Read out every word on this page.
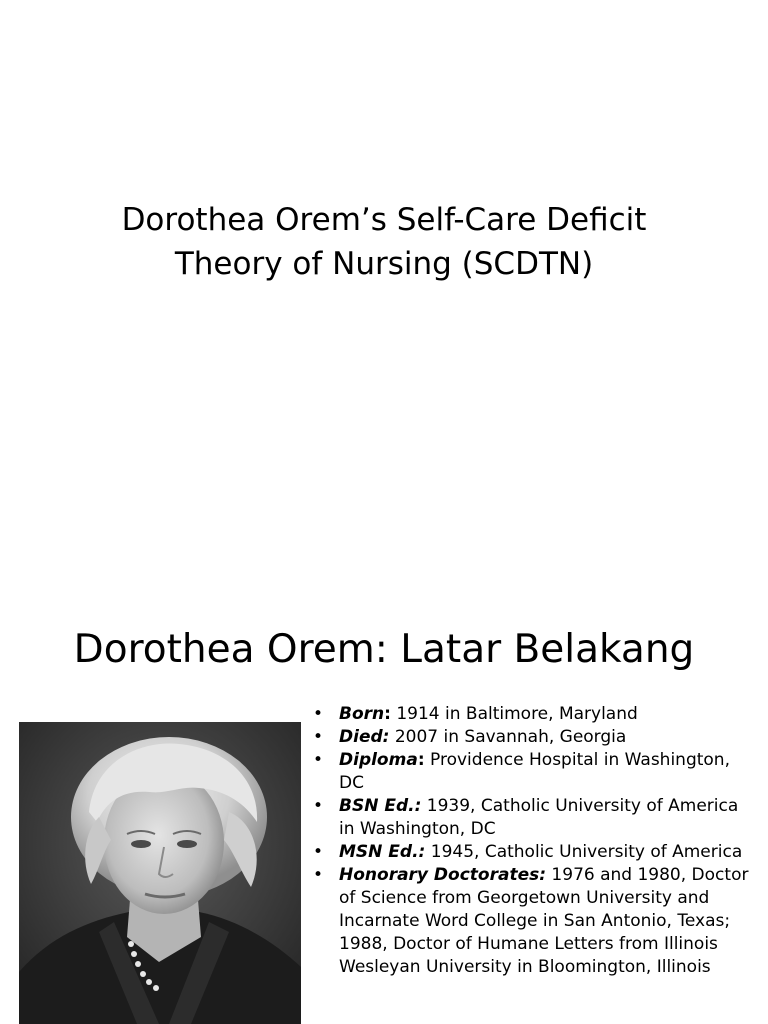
Dorothea Orem’s Self-Care Deficit
Theory of Nursing (SCDTN)
Dorothea Orem: Latar Belakang
• Born: 1914 in Baltimore, Maryland
• Died: 2007 in Savannah, Georgia
• Diploma: Providence Hospital in Washington, DC
• BSN Ed.: 1939, Catholic University of America in Washington, DC
• MSN Ed.: 1945, Catholic University of America
• Honorary Doctorates: 1976 and 1980, Doctor of Science from Georgetown University and Incarnate Word College in San Antonio, Texas; 1988, Doctor of Humane Letters from Illinois Wesleyan University in Bloomington, Illinois
